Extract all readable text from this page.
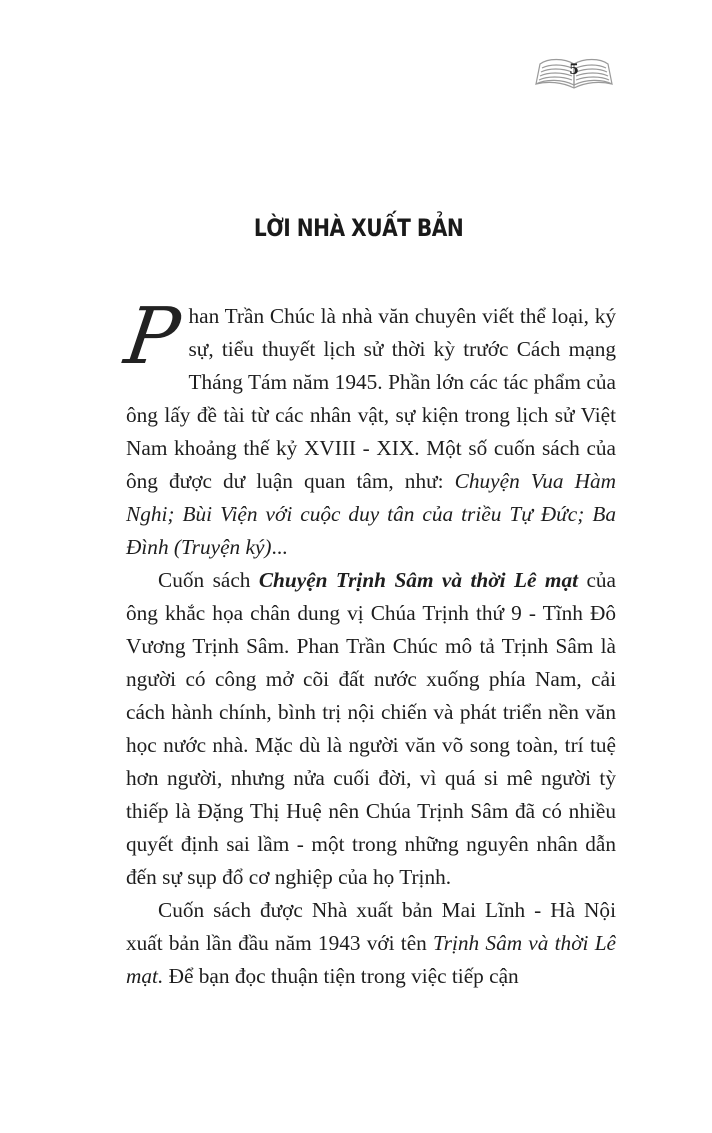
5
LỜI NHÀ XUẤT BẢN

Phan Trần Chúc là nhà văn chuyên viết thể loại, ký sự, tiểu thuyết lịch sử thời kỳ trước Cách mạng Tháng Tám năm 1945. Phần lớn các tác phẩm của ông lấy đề tài từ các nhân vật, sự kiện trong lịch sử Việt Nam khoảng thế kỷ XVIII - XIX. Một số cuốn sách của ông được dư luận quan tâm, như: Chuyện Vua Hàm Nghi; Bùi Viện với cuộc duy tân của triều Tự Đức; Ba Đình (Truyện ký)...

Cuốn sách Chuyện Trịnh Sâm và thời Lê mạt của ông khắc họa chân dung vị Chúa Trịnh thứ 9 - Tĩnh Đô Vương Trịnh Sâm. Phan Trần Chúc mô tả Trịnh Sâm là người có công mở cõi đất nước xuống phía Nam, cải cách hành chính, bình trị nội chiến và phát triển nền văn học nước nhà. Mặc dù là người văn võ song toàn, trí tuệ hơn người, nhưng nửa cuối đời, vì quá si mê người tỳ thiếp là Đặng Thị Huệ nên Chúa Trịnh Sâm đã có nhiều quyết định sai lầm - một trong những nguyên nhân dẫn đến sự sụp đổ cơ nghiệp của họ Trịnh.

Cuốn sách được Nhà xuất bản Mai Lĩnh - Hà Nội xuất bản lần đầu năm 1943 với tên Trịnh Sâm và thời Lê mạt. Để bạn đọc thuận tiện trong việc tiếp cận
